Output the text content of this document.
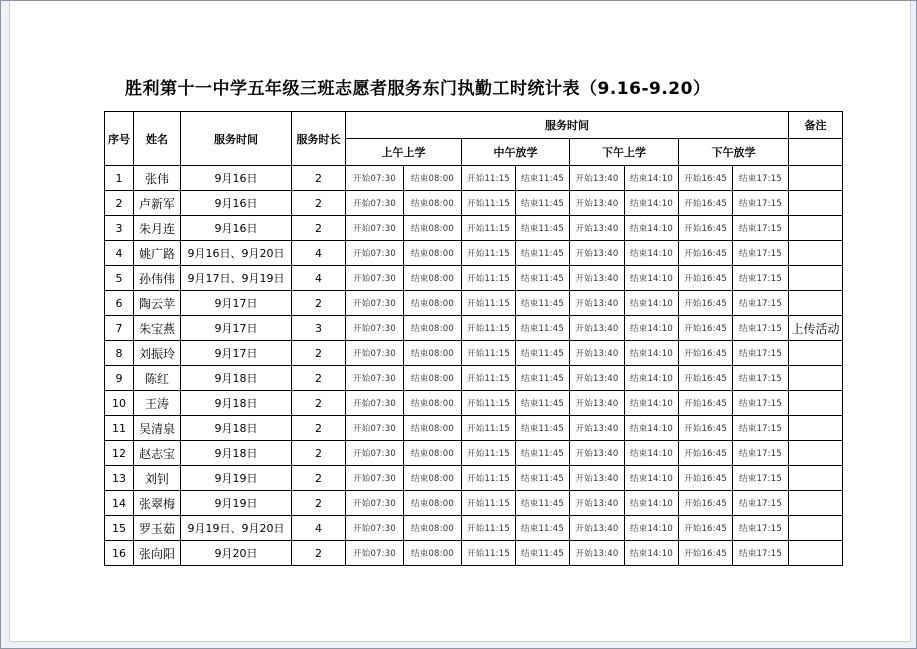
胜利第十一中学五年级三班志愿者服务东门执勤工时统计表（9.16-9.20）
序号	姓名	服务时间	服务时长	服务时间								备注
				上午上学		中午放学		下午上学		下午放学		
1	张伟	9月16日	2	开始07:30	结束08:00	开始11:15	结束11:45	开始13:40	结束14:10	开始16:45	结束17:15	
2	卢新军	9月16日	2	开始07:30	结束08:00	开始11:15	结束11:45	开始13:40	结束14:10	开始16:45	结束17:15	
3	朱月连	9月16日	2	开始07:30	结束08:00	开始11:15	结束11:45	开始13:40	结束14:10	开始16:45	结束17:15	
4	姚广路	9月16日、9月20日	4	开始07:30	结束08:00	开始11:15	结束11:45	开始13:40	结束14:10	开始16:45	结束17:15	
5	孙伟伟	9月17日、9月19日	4	开始07:30	结束08:00	开始11:15	结束11:45	开始13:40	结束14:10	开始16:45	结束17:15	
6	陶云苹	9月17日	2	开始07:30	结束08:00	开始11:15	结束11:45	开始13:40	结束14:10	开始16:45	结束17:15	
7	朱宝燕	9月17日	3	开始07:30	结束08:00	开始11:15	结束11:45	开始13:40	结束14:10	开始16:45	结束17:15	上传活动
8	刘振玲	9月17日	2	开始07:30	结束08:00	开始11:15	结束11:45	开始13:40	结束14:10	开始16:45	结束17:15	
9	陈红	9月18日	2	开始07:30	结束08:00	开始11:15	结束11:45	开始13:40	结束14:10	开始16:45	结束17:15	
10	王涛	9月18日	2	开始07:30	结束08:00	开始11:15	结束11:45	开始13:40	结束14:10	开始16:45	结束17:15	
11	吴清泉	9月18日	2	开始07:30	结束08:00	开始11:15	结束11:45	开始13:40	结束14:10	开始16:45	结束17:15	
12	赵志宝	9月18日	2	开始07:30	结束08:00	开始11:15	结束11:45	开始13:40	结束14:10	开始16:45	结束17:15	
13	刘钊	9月19日	2	开始07:30	结束08:00	开始11:15	结束11:45	开始13:40	结束14:10	开始16:45	结束17:15	
14	张翠梅	9月19日	2	开始07:30	结束08:00	开始11:15	结束11:45	开始13:40	结束14:10	开始16:45	结束17:15	
15	罗玉茹	9月19日、9月20日	4	开始07:30	结束08:00	开始11:15	结束11:45	开始13:40	结束14:10	开始16:45	结束17:15	
16	张向阳	9月20日	2	开始07:30	结束08:00	开始11:15	结束11:45	开始13:40	结束14:10	开始16:45	结束17:15	
